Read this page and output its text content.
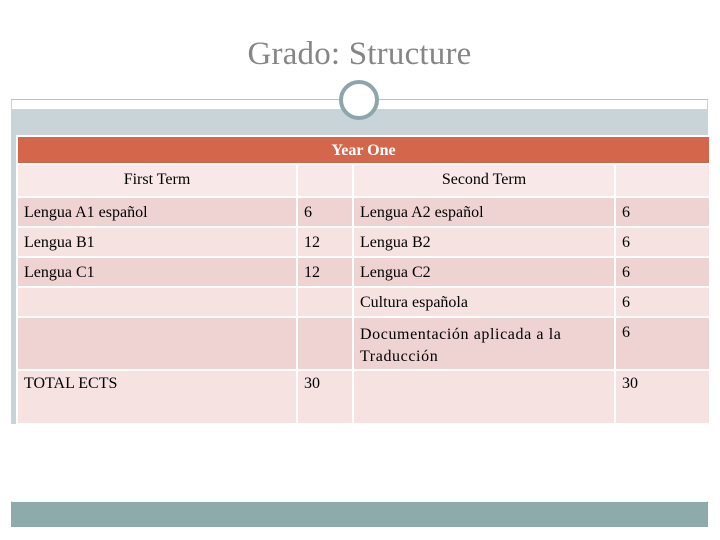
Grado: Structure
Year One			
First Term		Second Term	
Lengua A1 español	6	Lengua A2 español	6
Lengua B1	12	Lengua B2	6
Lengua C1	12	Lengua C2	6
		Cultura española	6
		Documentación aplicada a la Traducción	6
TOTAL ECTS	30		30
